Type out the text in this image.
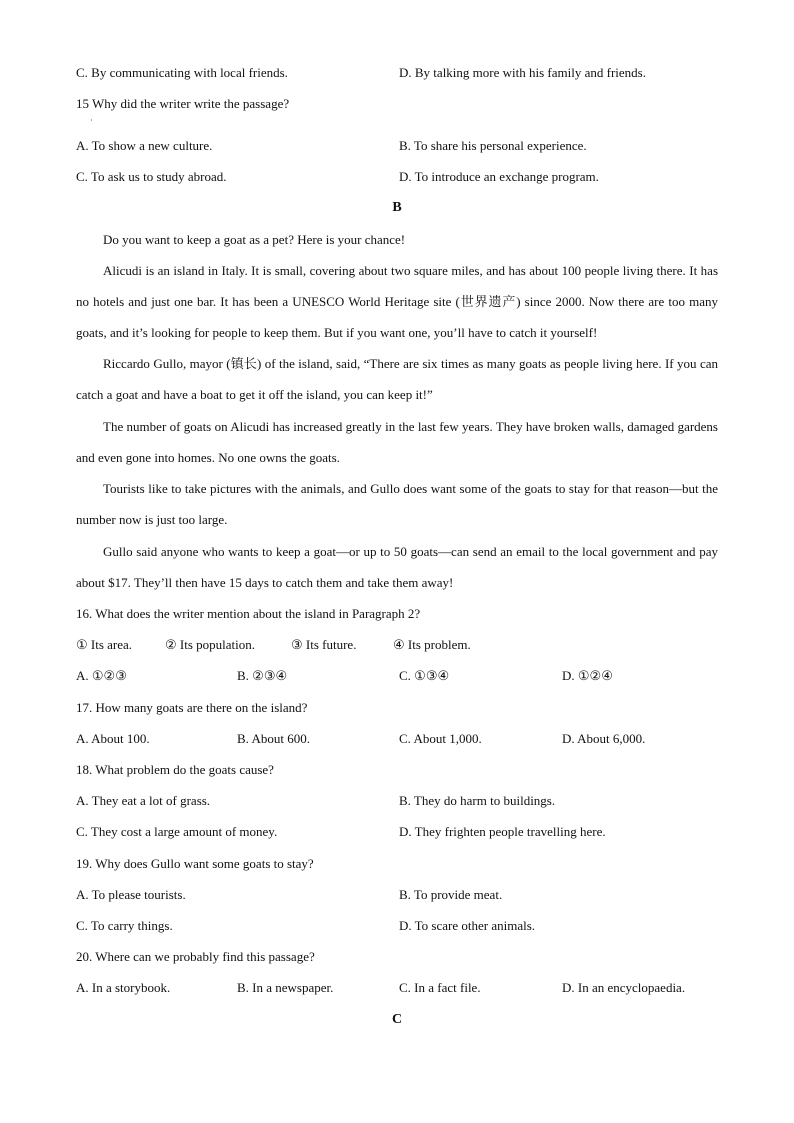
C. By communicating with local friends.	D. By talking more with his family and friends.
15 Why did the writer write the passage?
A. To show a new culture.	B. To share his personal experience.
C. To ask us to study abroad.	D. To introduce an exchange program.
B
Do you want to keep a goat as a pet? Here is your chance!
Alicudi is an island in Italy. It is small, covering about two square miles, and has about 100 people living there. It has no hotels and just one bar. It has been a UNESCO World Heritage site (世界遗产) since 2000. Now there are too many goats, and it’s looking for people to keep them. But if you want one, you’ll have to catch it yourself!
Riccardo Gullo, mayor (镇长) of the island, said, “There are six times as many goats as people living here. If you can catch a goat and have a boat to get it off the island, you can keep it!”
The number of goats on Alicudi has increased greatly in the last few years. They have broken walls, damaged gardens and even gone into homes. No one owns the goats.
Tourists like to take pictures with the animals, and Gullo does want some of the goats to stay for that reason—but the number now is just too large.
Gullo said anyone who wants to keep a goat—or up to 50 goats—can send an email to the local government and pay about $17. They’ll then have 15 days to catch them and take them away!
16. What does the writer mention about the island in Paragraph 2?
① Its area.	② Its population.	③ Its future.	④ Its problem.
A. ①②③	B. ②③④	C. ①③④	D. ①②④
17. How many goats are there on the island?
A. About 100.	B. About 600.	C. About 1,000.	D. About 6,000.
18. What problem do the goats cause?
A. They eat a lot of grass.	B. They do harm to buildings.
C. They cost a large amount of money.	D. They frighten people travelling here.
19. Why does Gullo want some goats to stay?
A. To please tourists.	B. To provide meat.
C. To carry things.	D. To scare other animals.
20. Where can we probably find this passage?
A. In a storybook.	B. In a newspaper.	C. In a fact file.	D. In an encyclopaedia.
C
·
